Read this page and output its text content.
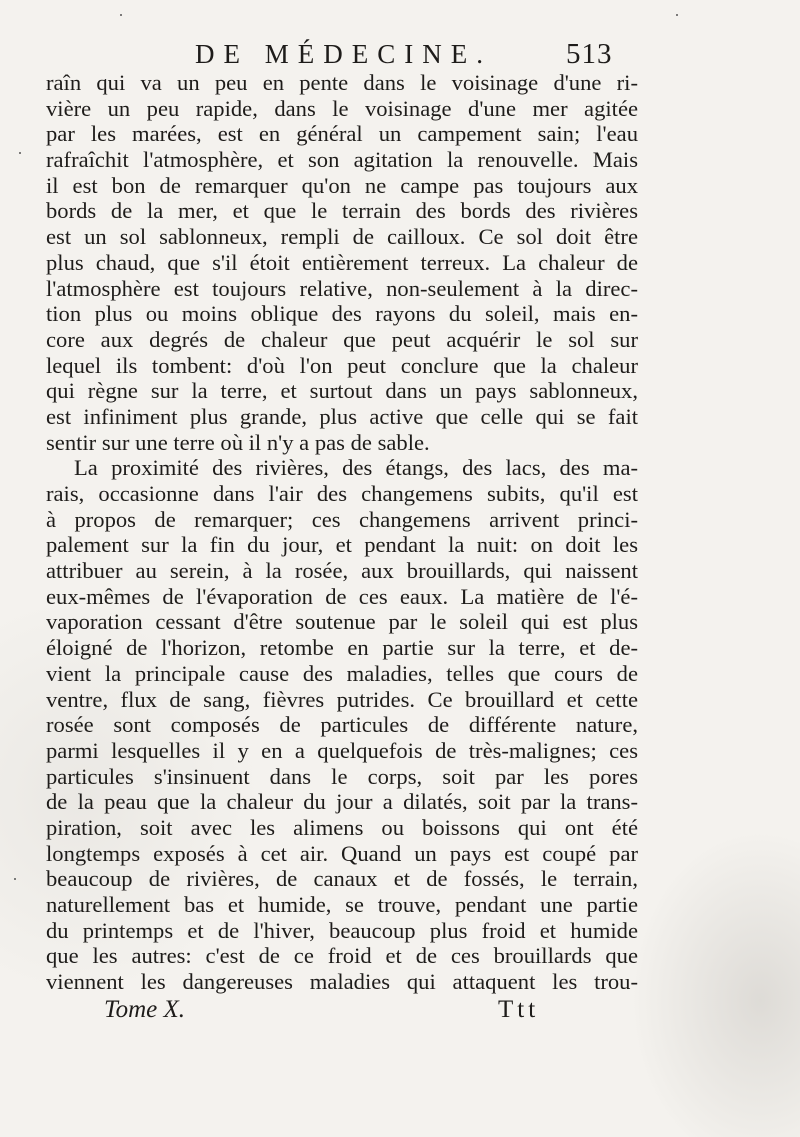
DE MÉDECINE.	513
raîn qui va un peu en pente dans le voisinage d'une ri-
vière un peu rapide, dans le voisinage d'une mer agitée
par les marées, est en général un campement sain; l'eau
rafraîchit l'atmosphère, et son agitation la renouvelle. Mais
il est bon de remarquer qu'on ne campe pas toujours aux
bords de la mer, et que le terrain des bords des rivières
est un sol sablonneux, rempli de cailloux. Ce sol doit être
plus chaud, que s'il étoit entièrement terreux. La chaleur de
l'atmosphère est toujours relative, non-seulement à la direc-
tion plus ou moins oblique des rayons du soleil, mais en-
core aux degrés de chaleur que peut acquérir le sol sur
lequel ils tombent: d'où l'on peut conclure que la chaleur
qui règne sur la terre, et surtout dans un pays sablonneux,
est infiniment plus grande, plus active que celle qui se fait
sentir sur une terre où il n'y a pas de sable.
La proximité des rivières, des étangs, des lacs, des ma-
rais, occasionne dans l'air des changemens subits, qu'il est
à propos de remarquer; ces changemens arrivent princi-
palement sur la fin du jour, et pendant la nuit: on doit les
attribuer au serein, à la rosée, aux brouillards, qui naissent
eux-mêmes de l'évaporation de ces eaux. La matière de l'é-
vaporation cessant d'être soutenue par le soleil qui est plus
éloigné de l'horizon, retombe en partie sur la terre, et de-
vient la principale cause des maladies, telles que cours de
ventre, flux de sang, fièvres putrides. Ce brouillard et cette
rosée sont composés de particules de différente nature,
parmi lesquelles il y en a quelquefois de très-malignes; ces
particules s'insinuent dans le corps, soit par les pores
de la peau que la chaleur du jour a dilatés, soit par la trans-
piration, soit avec les alimens ou boissons qui ont été
longtemps exposés à cet air. Quand un pays est coupé par
beaucoup de rivières, de canaux et de fossés, le terrain,
naturellement bas et humide, se trouve, pendant une partie
du printemps et de l'hiver, beaucoup plus froid et humide
que les autres: c'est de ce froid et de ces brouillards que
viennent les dangereuses maladies qui attaquent les trou-
Tome X.	Ttt
